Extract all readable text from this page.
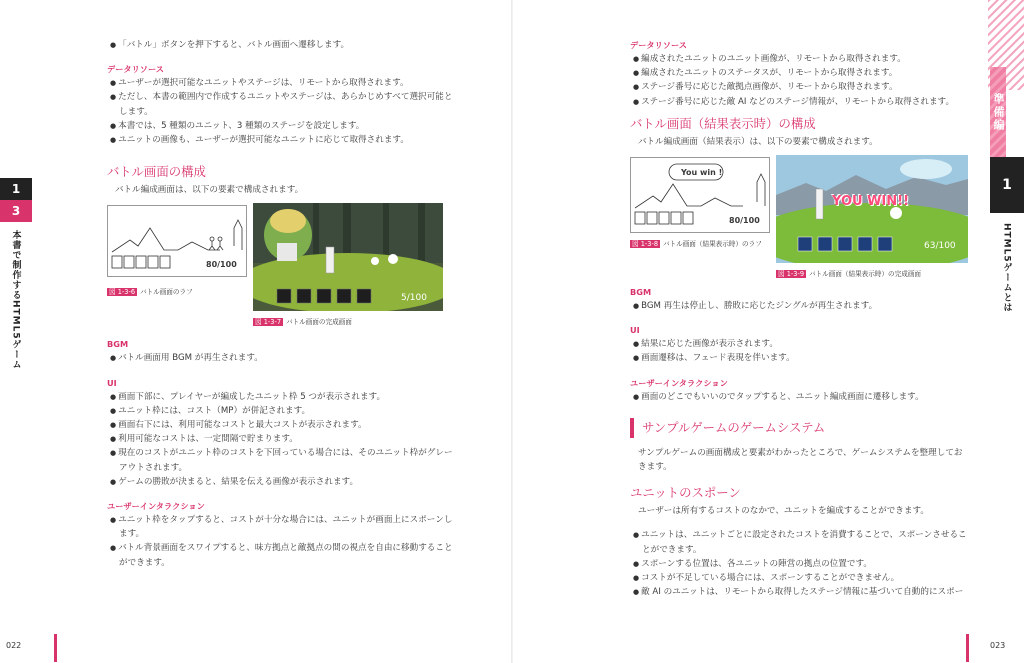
● 「バトル」ボタンを押下すると、バトル画面へ遷移します。
データリソース
● ユーザーが選択可能なユニットやステージは、リモートから取得されます。
● ただし、本書の範囲内で作成するユニットやステージは、あらかじめすべて選択可能とします。
● 本書では、5 種類のユニット、3 種類のステージを設定します。
● ユニットの画像も、ユーザーが選択可能なユニットに応じて取得されます。
バトル画面の構成
バトル編成画面は、以下の要素で構成されます。
80/100
図 1-3-6 バトル画面のラフ
5/100
図 1-3-7 バトル画面の完成画面
BGM
● バトル画面用 BGM が再生されます。
UI
● 画面下部に、プレイヤーが編成したユニット枠 5 つが表示されます。
● ユニット枠には、コスト（MP）が併記されます。
● 画面右下には、利用可能なコストと最大コストが表示されます。
● 利用可能なコストは、一定間隔で貯まります。
● 現在のコストがユニット枠のコストを下回っている場合には、そのユニット枠がグレーアウトされます。
● ゲームの勝敗が決まると、結果を伝える画像が表示されます。
ユーザーインタラクション
● ユニット枠をタップすると、コストが十分な場合には、ユニットが画面上にスポーンします。
● バトル背景画面をスワイプすると、味方拠点と敵拠点の間の視点を自由に移動することができます。
1
3
本書で制作するHTML5ゲーム
022
データリソース
● 編成されたユニットのユニット画像が、リモートから取得されます。
● 編成されたユニットのステータスが、リモートから取得されます。
● ステージ番号に応じた敵拠点画像が、リモートから取得されます。
● ステージ番号に応じた敵 AI などのステージ情報が、リモートから取得されます。
バトル画面（結果表示時）の構成
バトル編成画面（結果表示）は、以下の要素で構成されます。
You win !
80/100
図 1-3-8 バトル画面（結果表示時）のラフ
YOU WIN!!
63/100
図 1-3-9 バトル画面（結果表示時）の完成画面
BGM
● BGM 再生は停止し、勝敗に応じたジングルが再生されます。
UI
● 結果に応じた画像が表示されます。
● 画面遷移は、フェード表現を伴います。
ユーザーインタラクション
● 画面のどこでもいいのでタップすると、ユニット編成画面に遷移します。
サンプルゲームのゲームシステム
サンプルゲームの画面構成と要素がわかったところで、ゲームシステムを整理しておきます。
ユニットのスポーン
ユーザーは所有するコストのなかで、ユニットを編成することができます。
● ユニットは、ユニットごとに設定されたコストを消費することで、スポーンさせることができます。
● スポーンする位置は、各ユニットの陣営の拠点の位置です。
● コストが不足している場合には、スポーンすることができません。
● 敵 AI のユニットは、リモートから取得したステージ情報に基づいて自動的にスポー
準備編
1
HTML5ゲームとは
023
